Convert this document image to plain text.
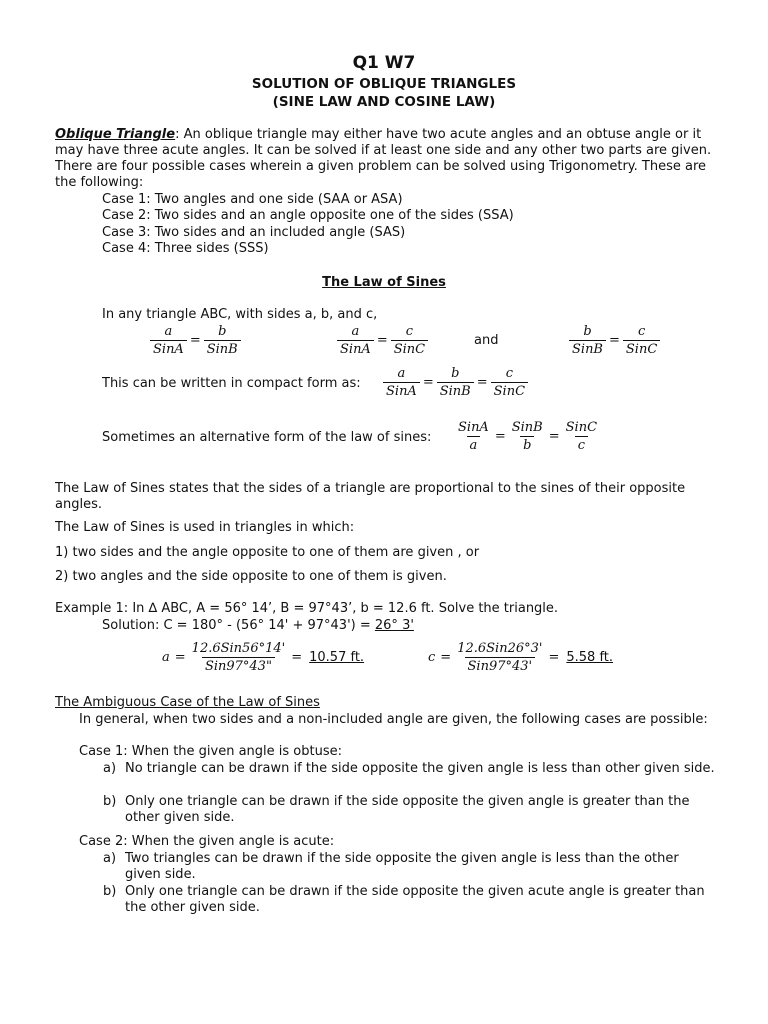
Q1 W7
SOLUTION OF OBLIQUE TRIANGLES
(SINE LAW AND COSINE LAW)
Oblique Triangle: An oblique triangle may either have two acute angles and an obtuse angle or it may have three acute angles. It can be solved if at least one side and any other two parts are given. There are four possible cases wherein a given problem can be solved using Trigonometry. These are the following:
Case 1: Two angles and one side (SAA or ASA)
Case 2: Two sides and an angle opposite one of the sides (SSA)
Case 3: Two sides and an included angle (SAS)
Case 4: Three sides (SSS)
The Law of Sines
In any triangle ABC, with sides a, b, and c,
$\frac{a}{\text{SinA}} = \frac{b}{\text{SinB}}$	$\frac{a}{\text{SinA}} = \frac{c}{\text{SinC}}$	and	$\frac{b}{\text{SinB}} = \frac{c}{\text{SinC}}$
This can be written in compact form as: $\frac{a}{\text{SinA}} = \frac{b}{\text{SinB}} = \frac{c}{\text{SinC}}$
Sometimes an alternative form of the law of sines: $\frac{\text{SinA}}{a} = \frac{\text{SinB}}{b} = \frac{\text{SinC}}{c}$
The Law of Sines states that the sides of a triangle are proportional to the sines of their opposite angles.
The Law of Sines is used in triangles in which:
1) two sides and the angle opposite to one of them are given , or
2) two angles and the side opposite to one of them is given.
Example 1: In ∆ ABC, A = 56° 14’, B = 97°43’, b = 12.6 ft. Solve the triangle.
Solution: C = 180° - (56° 14' + 97°43') = 26° 3'
$a = \frac{\text{12.6Sin56°14'}}{\text{Sin97°43"}} = 10.57$ ft.	$c = \frac{\text{12.6Sin26°3'}}{\text{Sin97°43'}} = 5.58$ ft.
The Ambiguous Case of the Law of Sines
In general, when two sides and a non-included angle are given, the following cases are possible:
Case 1: When the given angle is obtuse:
a) No triangle can be drawn if the side opposite the given angle is less than other given side.
b) Only one triangle can be drawn if the side opposite the given angle is greater than the other given side.
Case 2: When the given angle is acute:
a) Two triangles can be drawn if the side opposite the given angle is less than the other given side.
b) Only one triangle can be drawn if the side opposite the given acute angle is greater than the other given side.
